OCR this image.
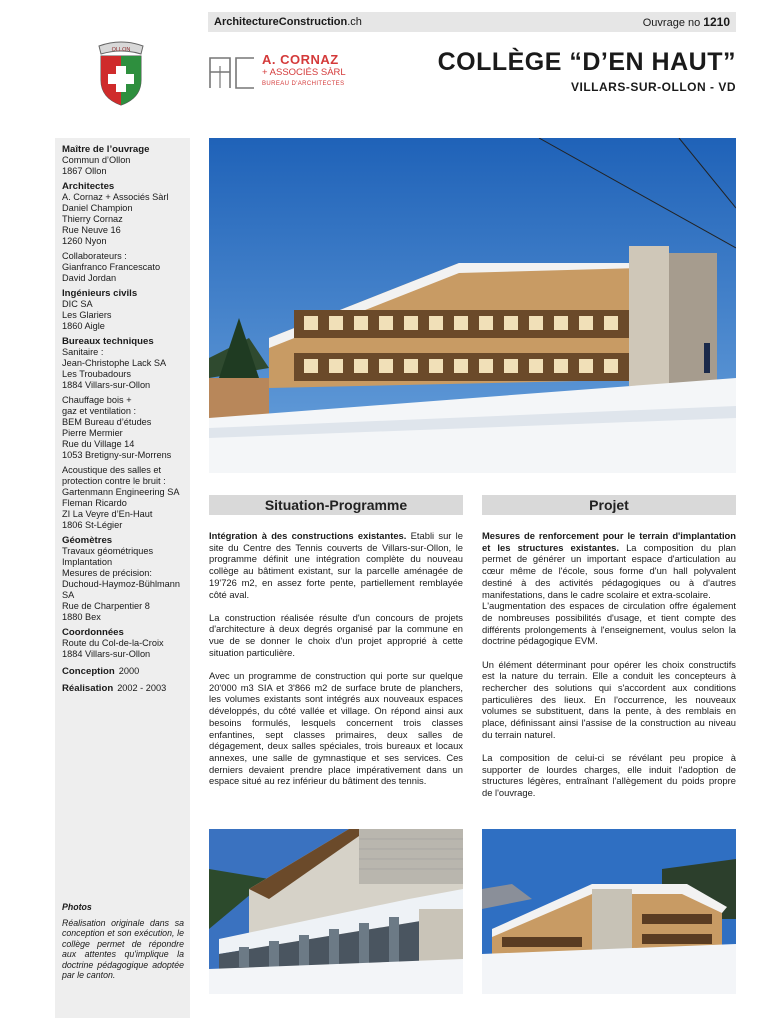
ArchitectureConstruction.ch	Ouvrage no 1210
OLLON
A. CORNAZ
+ ASSOCIÉS SÀRL
BUREAU D'ARCHITECTES
COLLÈGE “D’EN HAUT”
VILLARS-SUR-OLLON - VD
Maître de l’ouvrage
Commun d’Ollon
1867 Ollon
Architectes
A. Cornaz + Associés Sàrl
Daniel Champion
Thierry Cornaz
Rue Neuve 16
1260 Nyon
Collaborateurs :
Gianfranco Francescato
David Jordan
Ingénieurs civils
DIC SA
Les Glariers
1860 Aigle
Bureaux techniques
Sanitaire :
Jean-Christophe Lack SA
Les Troubadours
1884 Villars-sur-Ollon
Chauffage bois +
gaz et ventilation :
BEM Bureau d’études
Pierre Mermier
Rue du Village 14
1053 Bretigny-sur-Morrens
Acoustique des salles et
protection contre le bruit :
Gartenmann Engineering SA
Fleman Ricardo
ZI La Veyre d’En-Haut
1806 St-Légier
Géomètres
Travaux géométriques
Implantation
Mesures de précision:
Duchoud-Haymoz-Bühlmann SA
Rue de Charpentier 8
1880 Bex
Coordonnées
Route du Col-de-la-Croix
1884 Villars-sur-Ollon
Conception 2000
Réalisation 2002 - 2003
Photos
Réalisation originale dans sa conception et son exécution, le collège permet de répondre aux attentes qu'implique la doctrine pédagogique adoptée par le canton.
Situation-Programme	Projet

Intégration à des constructions existantes. Etabli sur le site du Centre des Tennis couverts de Villars-sur-Ollon, le programme définit une intégration complète du nouveau collège au bâtiment existant, sur la parcelle aménagée de 19'726 m2, en assez forte pente, partiellement remblayée côté aval.

La construction réalisée résulte d'un concours de projets d'architecture à deux degrés organisé par la commune en vue de se donner le choix d'un projet approprié à cette situation particulière.

Avec un programme de construction qui porte sur quelque 20'000 m3 SIA et 3'866 m2 de surface brute de planchers, les volumes existants sont intégrés aux nouveaux espaces développés, du côté vallée et village. On répond ainsi aux besoins formulés, lesquels concernent trois classes enfantines, sept classes primaires, deux salles de dégagement, deux salles spéciales, trois bureaux et locaux annexes, une salle de gymnastique et ses services. Ces derniers devaient prendre place impérativement dans un espace situé au rez inférieur du bâtiment des tennis.

Mesures de renforcement pour le terrain d'implantation et les structures existantes. La composition du plan permet de générer un important espace d'articulation au cœur même de l'école, sous forme d'un hall polyvalent destiné à des activités pédagogiques ou à d'autres manifestations, dans le cadre scolaire et extra-scolaire.

L'augmentation des espaces de circulation offre également de nombreuses possibilités d'usage, et tient compte des différents prolongements à l'enseignement, voulus selon la doctrine pédagogique EVM.

Un élément déterminant pour opérer les choix constructifs est la nature du terrain. Elle a conduit les concepteurs à rechercher des solutions qui s'accordent aux conditions particulières des lieux. En l'occurrence, les nouveaux volumes se substituent, dans la pente, à des remblais en place, définissant ainsi l'assise de la construction au niveau du terrain naturel.

La composition de celui-ci se révélant peu propice à supporter de lourdes charges, elle induit l'adoption de structures légères, entraînant l'allègement du poids propre de l'ouvrage.
